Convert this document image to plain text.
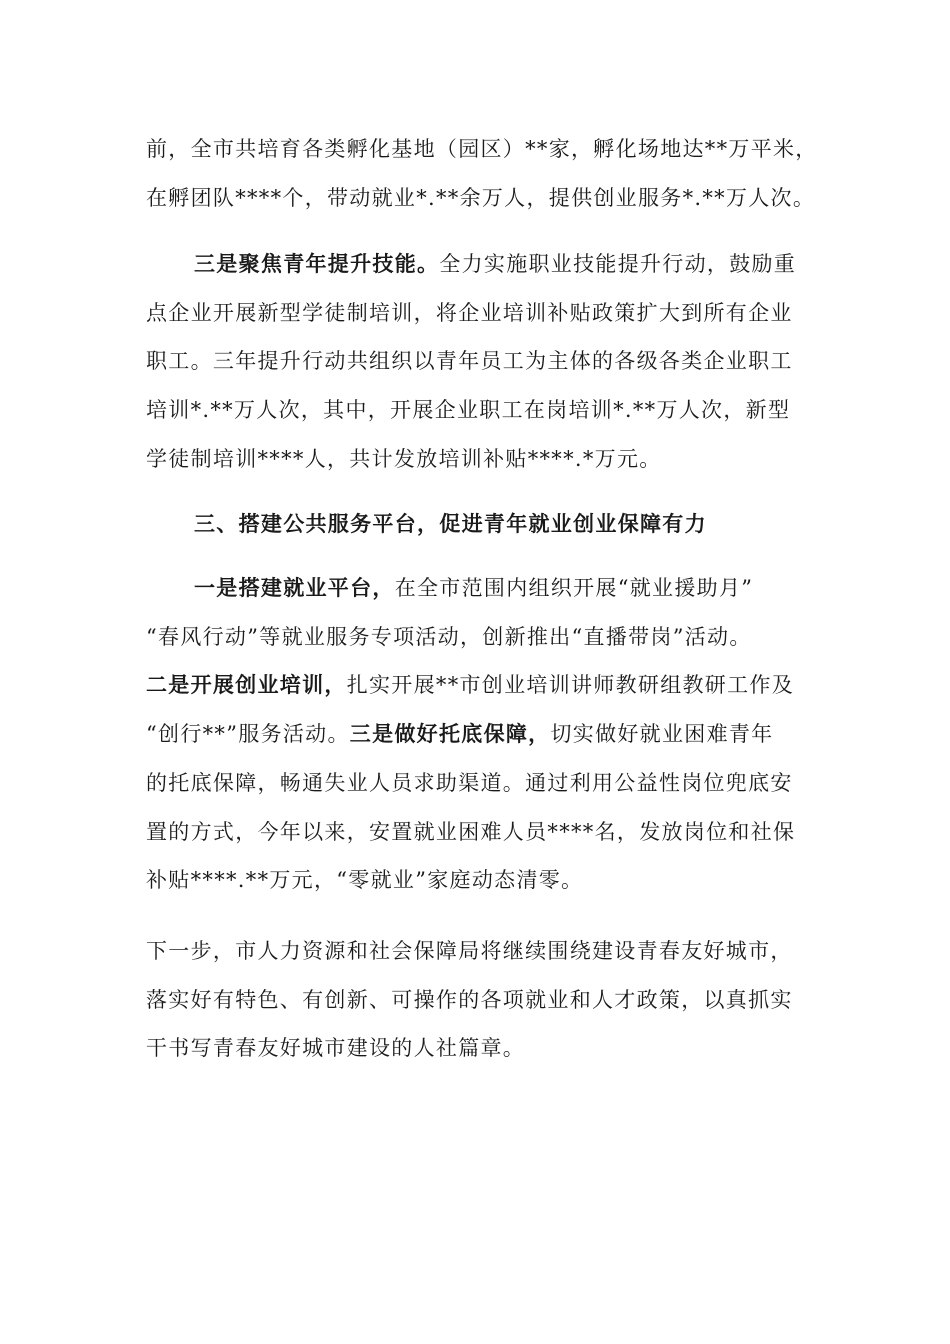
前，全市共培育各类孵化基地（园区）**家，孵化场地达**万平米，
在孵团队****个，带动就业*.**余万人，提供创业服务*.**万人次。
三是聚焦青年提升技能。全力实施职业技能提升行动，鼓励重
点企业开展新型学徒制培训，将企业培训补贴政策扩大到所有企业
职工。三年提升行动共组织以青年员工为主体的各级各类企业职工
培训*.**万人次，其中，开展企业职工在岗培训*.**万人次，新型
学徒制培训****人，共计发放培训补贴****.*万元。
三、搭建公共服务平台，促进青年就业创业保障有力
一是搭建就业平台，在全市范围内组织开展“就业援助月”
“春风行动”等就业服务专项活动，创新推出“直播带岗”活动。
二是开展创业培训，扎实开展**市创业培训讲师教研组教研工作及
“创行**”服务活动。三是做好托底保障，切实做好就业困难青年
的托底保障，畅通失业人员求助渠道。通过利用公益性岗位兜底安
置的方式，今年以来，安置就业困难人员****名，发放岗位和社保
补贴****.**万元，“零就业”家庭动态清零。
下一步，市人力资源和社会保障局将继续围绕建设青春友好城市，
落实好有特色、有创新、可操作的各项就业和人才政策，以真抓实
干书写青春友好城市建设的人社篇章。
